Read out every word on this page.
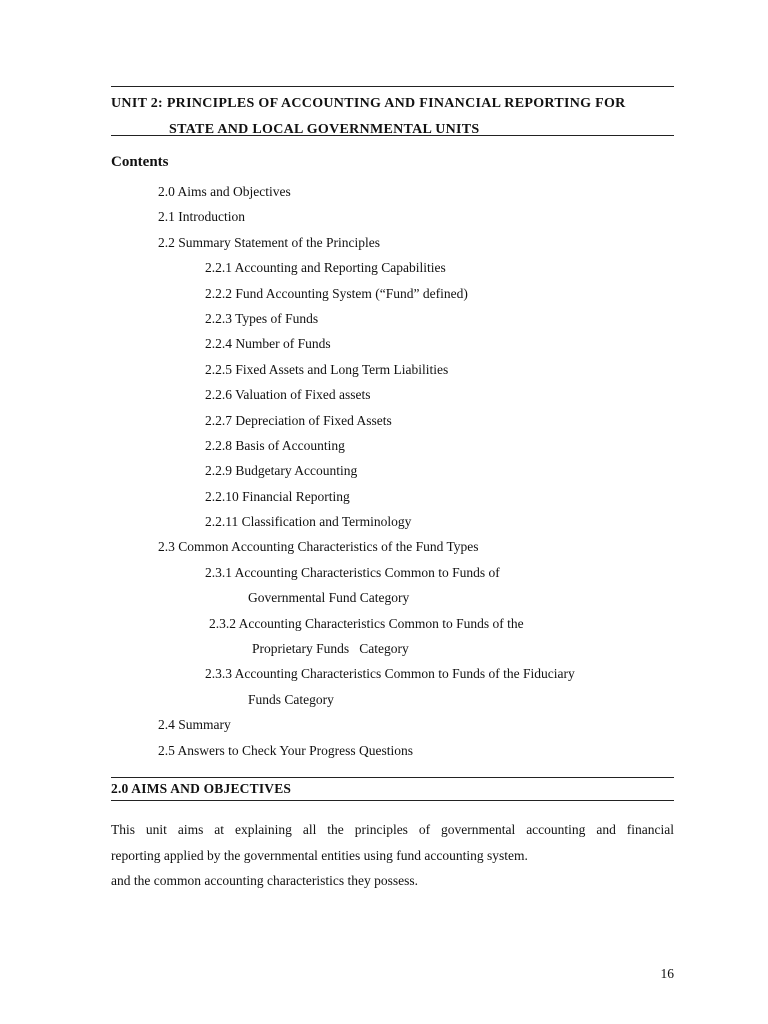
UNIT 2: PRINCIPLES OF ACCOUNTING AND FINANCIAL REPORTING FOR
STATE AND LOCAL GOVERNMENTAL UNITS
Contents
2.0 Aims and Objectives
2.1 Introduction
2.2 Summary Statement of the Principles
2.2.1 Accounting and Reporting Capabilities
2.2.2 Fund Accounting System (“Fund” defined)
2.2.3 Types of Funds
2.2.4 Number of Funds
2.2.5 Fixed Assets and Long Term Liabilities
2.2.6 Valuation of Fixed assets
2.2.7 Depreciation of Fixed Assets
2.2.8 Basis of Accounting
2.2.9 Budgetary Accounting
2.2.10 Financial Reporting
2.2.11 Classification and Terminology
2.3 Common Accounting Characteristics of the Fund Types
2.3.1 Accounting Characteristics Common to Funds of
Governmental Fund Category
2.3.2 Accounting Characteristics Common to Funds of the
Proprietary Funds   Category
2.3.3 Accounting Characteristics Common to Funds of the Fiduciary
Funds Category
2.4 Summary
2.5 Answers to Check Your Progress Questions
2.0 AIMS AND OBJECTIVES

This unit aims at explaining all the principles of governmental accounting and financial
reporting applied by the governmental entities using fund accounting system.
and the common accounting characteristics they possess.

16
